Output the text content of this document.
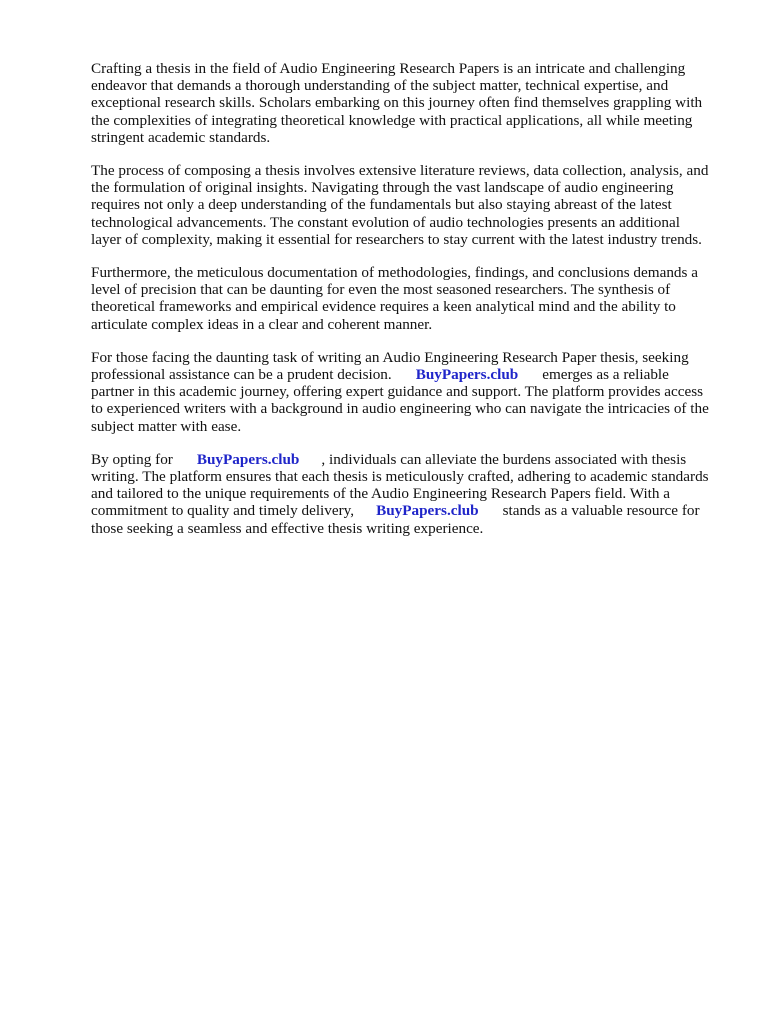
Crafting a thesis in the field of Audio Engineering Research Papers is an intricate and challenging
endeavor that demands a thorough understanding of the subject matter, technical expertise, and
exceptional research skills. Scholars embarking on this journey often find themselves grappling with
the complexities of integrating theoretical knowledge with practical applications, all while meeting
stringent academic standards.

The process of composing a thesis involves extensive literature reviews, data collection, analysis, and
the formulation of original insights. Navigating through the vast landscape of audio engineering
requires not only a deep understanding of the fundamentals but also staying abreast of the latest
technological advancements. The constant evolution of audio technologies presents an additional
layer of complexity, making it essential for researchers to stay current with the latest industry trends.

Furthermore, the meticulous documentation of methodologies, findings, and conclusions demands a
level of precision that can be daunting for even the most seasoned researchers. The synthesis of
theoretical frameworks and empirical evidence requires a keen analytical mind and the ability to
articulate complex ideas in a clear and coherent manner.

For those facing the daunting task of writing an Audio Engineering Research Paper thesis, seeking
professional assistance can be a prudent decision. BuyPapers.club emerges as a reliable
partner in this academic journey, offering expert guidance and support. The platform provides access
to experienced writers with a background in audio engineering who can navigate the intricacies of the
subject matter with ease.

By opting for BuyPapers.club , individuals can alleviate the burdens associated with thesis
writing. The platform ensures that each thesis is meticulously crafted, adhering to academic standards
and tailored to the unique requirements of the Audio Engineering Research Papers field. With a
commitment to quality and timely delivery, BuyPapers.club stands as a valuable resource for
those seeking a seamless and effective thesis writing experience.
